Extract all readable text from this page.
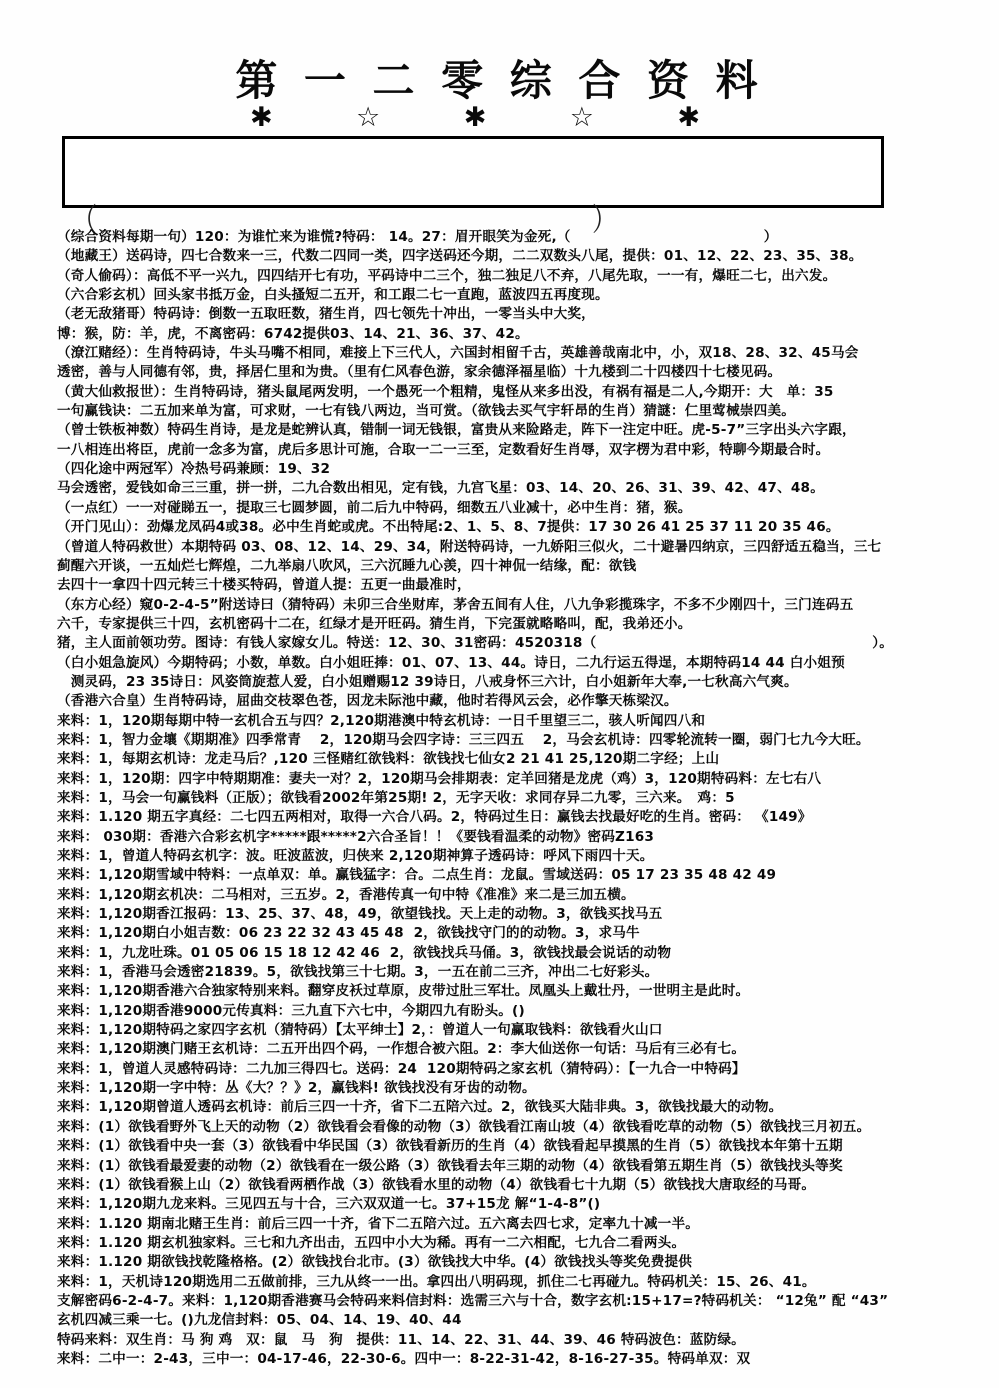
第 一 二 零 综 合 资 料
✱	☆	✱	☆	✱
（	）
（综合资料每期一句）120：为谁忙来为谁慌?特码： 14。27：眉开眼笑为金死,（　　　　　　　　　　　　　　）
（地藏王）送码诗，四七合数来一三，代数二四同一类，四字送码还今期，二二双数头八尾，提供：01、12、22、23、35、38。
（奇人偷码）：高低不平一兴九，四四结开七有功，平码诗中二三个，独二独足八不弃，八尾先取，一一有，爆旺二七，出六发。
（六合彩玄机）回头家书抵万金，白头搔短二五开，和工跟二七一直跑，蓝波四五再度现。
（老无敌猪哥）特码诗：倒数一五取旺数，猪生肖，四七领先十冲出，一零当头中大奖，
博：猴，防：羊，虎，不离密码：6742提供03、14、21、36、37、42。
（潦江赌经）：生肖特码诗，牛头马嘴不相同，难接上下三代人，六国封相留千古，英雄善哉南北中，小，双18、28、32、45马会
透密，善与人同德有邻，贵，择居仁里和为贵。（里有仁风春色游，家余德泽福星临）十九楼到二十四楼四十七楼见码。
（黄大仙救报世）：生肖特码诗，猪头鼠尾两发明，一个愚死一个粗精，鬼怪从来多出没，有祸有福是二人,今期开：大　单：35
一句赢钱诀：二五加来单为富，可求财，一七有钱八两边，当可赏。（欲钱去买气宇轩昂的生肖）猜謎：仁里莺械崇四美。
（曾士铁板神数）特码生肖诗，是龙是蛇辨认真，错制一词无钱银，富贵从来险路走，阵下一注定中旺。虎-5-7”三字出头六字跟，
一八相连出将臣，虎前一念多为富，虎后多思计可施，合取一二一三至，定数看好生肖辱，双字楞为君中彩，特聊今期最合时。
（四化途中两冠军）冷热号码兼顾：19、32
马会透密，爱钱如命三三重，拼一拼，二九合数出相见，定有钱，九宫飞星：03、14、20、26、31、39、42、47、48。
（一点红）一一对碰睇五一，提取三七圆梦圆，前二后九中特码，细数五八业减十，必中生肖：猪，猴。
（开门见山）：劲爆龙凤码4或38。必中生肖蛇或虎。不出特尾:2、1、5、8、7提供：17 30 26 41 25 37 11 20 35 46。
（曾道人特码救世）本期特码 03、08、12、14、29、34，附送特码诗，一九娇阳三似火，二十避暑四纳京，三四舒适五稳当，三七
蓟醒六开谈，一五灿烂七辉煌，二九举扇八吹风，三六沉睡九心羡，四十神侃一结缘，配：欲钱
去四十一拿四十四元转三十楼买特码，曾道人提：五更一曲最准时，
（东方心经）窥0-2-4-5”附送诗曰（猜特码）未卯三合坐财库，茅舍五间有人住，八九争彩揽珠字，不多不少刚四十，三门连码五
六千，专家提供三十四，玄机密码十二在，红绿才是开旺码。猜生肖，下完蛋就略略叫，配，我弟还小。
猪，主人面前领功劳。图诗：有钱人家嫁女儿。特送：12、30、31密码：4520318（　　　　　　　　　　　　　　　　　　　　）。
（白小姐急旋风）今期特码；小数，单数。白小姐旺捧：01、07、13、44。诗日，二九行运五得逞，本期特码14 44 白小姐预
　测灵码，23 35诗日：风姿筒旋惹人爱，白小姐赠赐12 39诗日，八戒身怀三六计，白小姐新年大奉,一七秋高六气爽。
（香港六合皇）生肖特码诗，屈曲交枝翠色苍，因龙未际池中藏，他时若得风云会，必作擎天栋梁汉。
来料：1，120期每期中特一玄机合五与四？2,120期港澳中特玄机诗：一日千里望三二，骇人听闻四八和
来料：1，智力金壤《期期准》四季常青　 2，120期马会四字诗：三三四五　 2，马会玄机诗：四零轮流转一圈，弱门七九今大旺。
来料：1，每期玄机诗：龙走马后？,120 三怪赌红欲钱料：欲钱找七仙女2 21 41 25,120期二字经；上山
来料：1，120期：四字中特期期准：妻夫一对？2，120期马会排期表：定羊回猪是龙虎（鸡）3，120期特码料：左七右八
来料：1，马会一句赢钱料（正版）；欲钱看2002年第25期! 2，无字天收：求同存异二九零，三六来。　鸡：5
来料：1.120 期五字真经：二七四五两相对，取得一六合八码。2，特码过生日：赢钱去找最好吃的生肖。密码： 《149》
来料： 030期：香港六合彩玄机字*****跟*****2六合圣旨！！《要钱看温柔的动物》密码Z163
来料：1，曾道人特码玄机字：波。旺波蓝波，归侠来 2,120期神算子透码诗：呼风下雨四十天。
来料：1,120期雪域中特料：一点单双：单。赢钱猛字：合。二点生肖：龙鼠。雪域送码：05 17 23 35 48 42 49
来料：1,120期玄机决：二马相对，三五岁。2，香港传真一句中特《准准》来二是三加五横。
来料：1,120期香江报码：13、25、37、48，49，欲望钱找。天上走的动物。3，欲钱买找马五
来料：1,120期白小姐吉数：06 23 22 32 43 45 48  2，欲钱找守门的的动物。3，求马牛
来料：1，九龙吐珠。01 05 06 15 18 12 42 46  2，欲钱找兵马俑。3，欲钱找最会说话的动物
来料：1，香港马会透密21839。5，欲钱找第三十七期。3，一五在前二三齐，冲出二七好彩头。
来料：1,120期香港六合独家特别来料。翻穿皮袄过草原，皮带过肚三军壮。凤凰头上戴壮丹，一世明主是此时。
来料：1,120期香港9000元传真料：三九直下六七中，今期四九有盼头。()
来料：1,120期特码之家四字玄机（猜特码）【太平绅士】2，：曾道人一句赢取钱料：欲钱看火山口
来料：1,120期澳门赌王玄机诗：二五开出四个码，一作想合被六阻。2：李大仙送你一句话：马后有三必有七。
来料：1，曾道人灵感特码诗：二九加三得四七。送码：24  120期特码之家玄机（猜特码）：【一九合一中特码】
来料：1,120期一字中特：丛《大？？》2，赢钱料! 欲钱找没有牙齿的动物。
来料：1,120期曾道人透码玄机诗：前后三四一十齐，省下二五陪六过。2，欲钱买大陆非典。3，欲钱找最大的动物。
来料：(1）欲钱看野外飞上天的动物（2）欲钱看会看像的动物（3）欲钱看江南山坡（4）欲钱看吃草的动物（5）欲钱找三月初五。
来料：(1）欲钱看中央一套（3）欲钱看中华民国（3）欲钱看新历的生肖（4）欲钱看起早摸黑的生肖（5）欲钱找本年第十五期
来料：(1）欲钱看最爱妻的动物（2）欲钱看在一级公路（3）欲钱看去年三期的动物（4）欲钱看第五期生肖（5）欲钱找头等奖
来料：(1）欲钱看猴上山（2）欲钱看两栖作战（3）欲钱看水里的动物（4）欲钱看七十九期（5）欲钱找大唐取经的马哥。
来料：1,120期九龙来料。三见四五与十合，三六双双道一七。37+15龙 解“1-4-8”()
来料：1.120 期南北赌王生肖：前后三四一十齐，省下二五陪六过。五六离去四七求，定率九十减一半。
来料：1.120 期玄机独家料。三七和九齐出击，五四中小大为稀。再有一二六相配，七九合二看两头。
来料：1.120 期欲钱找乾隆格格。(2）欲钱找台北市。(3）欲钱找大中华。(4）欲钱找头等奖免费提供
来料：1，天机诗120期选用二五做前排，三九从终一一出。拿四出八明码现，抓住二七再碰九。特码机关：15、26、41。
支解密码6-2-4-7。来料：1,120期香港赛马会特码来料信封料：选需三六与十合，数字玄机:15+17=?特码机关： “12兔” 配 “43”
玄机四减三乘一七。()九龙信封料：05、04、14、19、40、44
特码来料：双生肖：马 狗 鸡　双：鼠　马　狗　提供：11、14、22、31、44、39、46 特码波色：蓝防绿。
来料：二中一：2-43，三中一：04-17-46，22-30-6。四中一：8-22-31-42，8-16-27-35。特码单双：双
